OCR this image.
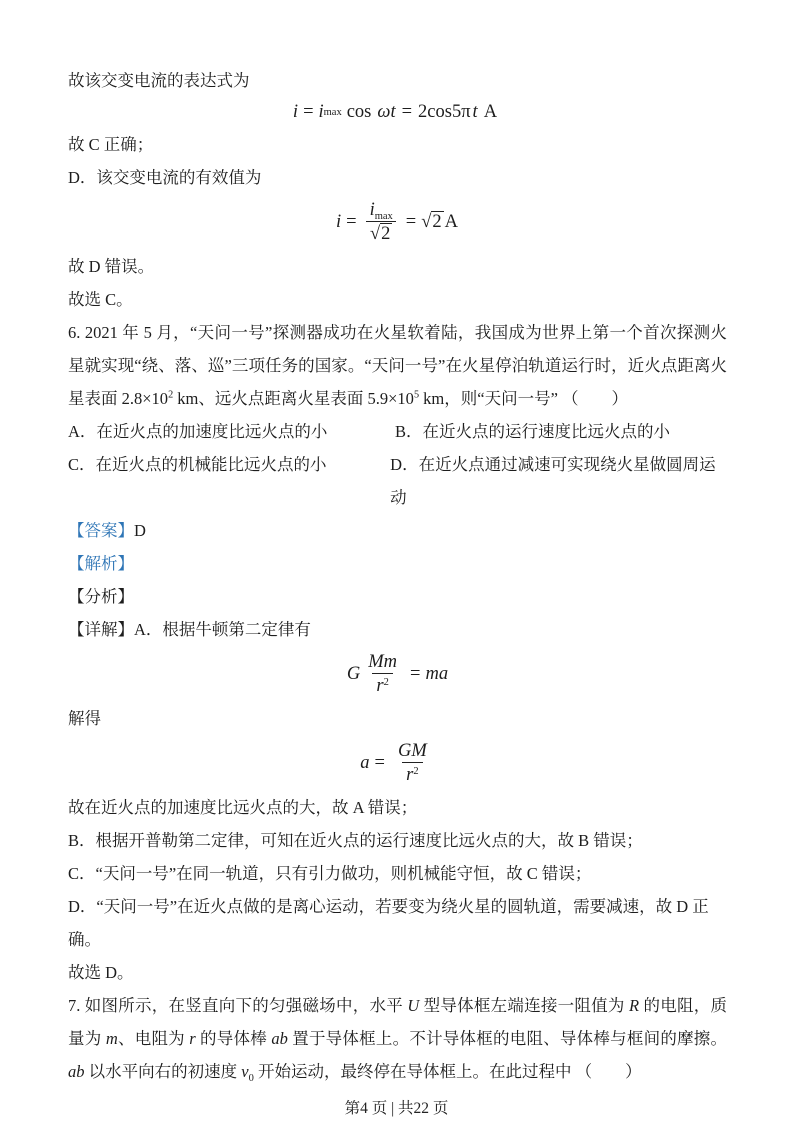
故该交变电流的表达式为

i = i max cos ωt = 2cos5π t A

故 C 正确；

D．该交变电流的有效值为

$i = \frac{i_{max}}{√ 2}$ = √ 2 A

故 D 错误。

故选 C。

6. 2021 年 5 月，“天问一号”探测器成功在火星软着陆，我国成为世界上第一个首次探测火星就实现“绕、落、巡”三项任务的国家。“天问一号”在火星停泊轨道运行时，近火点距离火星表面 $2.8\times 10^2$ km、远火点距离火星表面 $5.9\times 10^5$ km，则“天问一号” （　　）

A．在近火点的加速度比远火点的小	B．在近火点的运行速度比远火点的小

C．在近火点的机械能比远火点的小	D．在近火点通过减速可实现绕火星做圆周运动

【答案】D

【解析】

【分析】

【详解】A．根据牛顿第二定律有

G $\frac{Mm}{r^2}$ = ma

解得

$a = \frac{GM}{r^2}$

故在近火点的加速度比远火点的大，故 A 错误；

B．根据开普勒第二定律，可知在近火点的运行速度比远火点的大，故 B 错误；

C．“天问一号”在同一轨道，只有引力做功，则机械能守恒，故 C 错误；

D．“天问一号”在近火点做的是离心运动，若要变为绕火星的圆轨道，需要减速，故 D 正确。

故选 D。

7. 如图所示，在竖直向下的匀强磁场中，水平 U 型导体框左端连接一阻值为 R 的电阻，质量为 m、电阻为 r 的导体棒 ab 置于导体框上。不计导体框的电阻、导体棒与框间的摩擦。ab 以水平向右的初速度 $v_0$ 开始运动，最终停在导体框上。在此过程中 （　　）

第4 页 | 共22 页
